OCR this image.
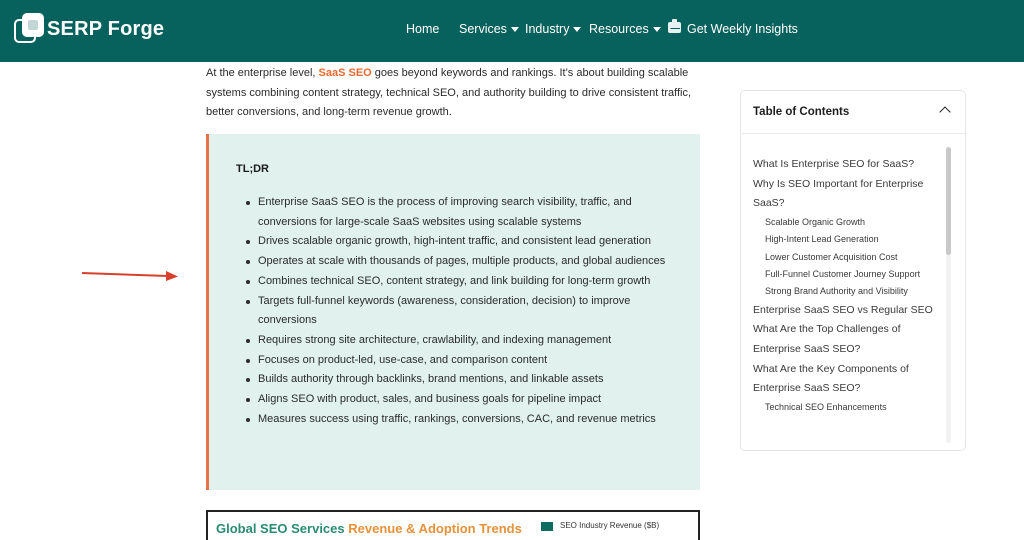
SERP Forge	Home Services	Industry	Resources	Get Weekly Insights

At the enterprise level, SaaS SEO goes beyond keywords and rankings. It’s about building scalable systems combining content strategy, technical SEO, and authority building to drive consistent traffic, better conversions, and long-term revenue growth.

TL;DR
Enterprise SaaS SEO is the process of improving search visibility, traffic, and conversions for large-scale SaaS websites using scalable systems
Drives scalable organic growth, high-intent traffic, and consistent lead generation
Operates at scale with thousands of pages, multiple products, and global audiences
Combines technical SEO, content strategy, and link building for long-term growth
Targets full-funnel keywords (awareness, consideration, decision) to improve conversions
Requires strong site architecture, crawlability, and indexing management
Focuses on product-led, use-case, and comparison content
Builds authority through backlinks, brand mentions, and linkable assets
Aligns SEO with product, sales, and business goals for pipeline impact
Measures success using traffic, rankings, conversions, CAC, and revenue metrics
Global SEO Services Revenue & Adoption Trends	SEO Industry Revenue ($B)
Table of Contents
What Is Enterprise SEO for SaaS?
Why Is SEO Important for Enterprise SaaS?
Scalable Organic Growth
High-Intent Lead Generation
Lower Customer Acquisition Cost
Full-Funnel Customer Journey Support
Strong Brand Authority and Visibility
Enterprise SaaS SEO vs Regular SEO
What Are the Top Challenges of Enterprise SaaS SEO?
What Are the Key Components of Enterprise SaaS SEO?
Technical SEO Enhancements
